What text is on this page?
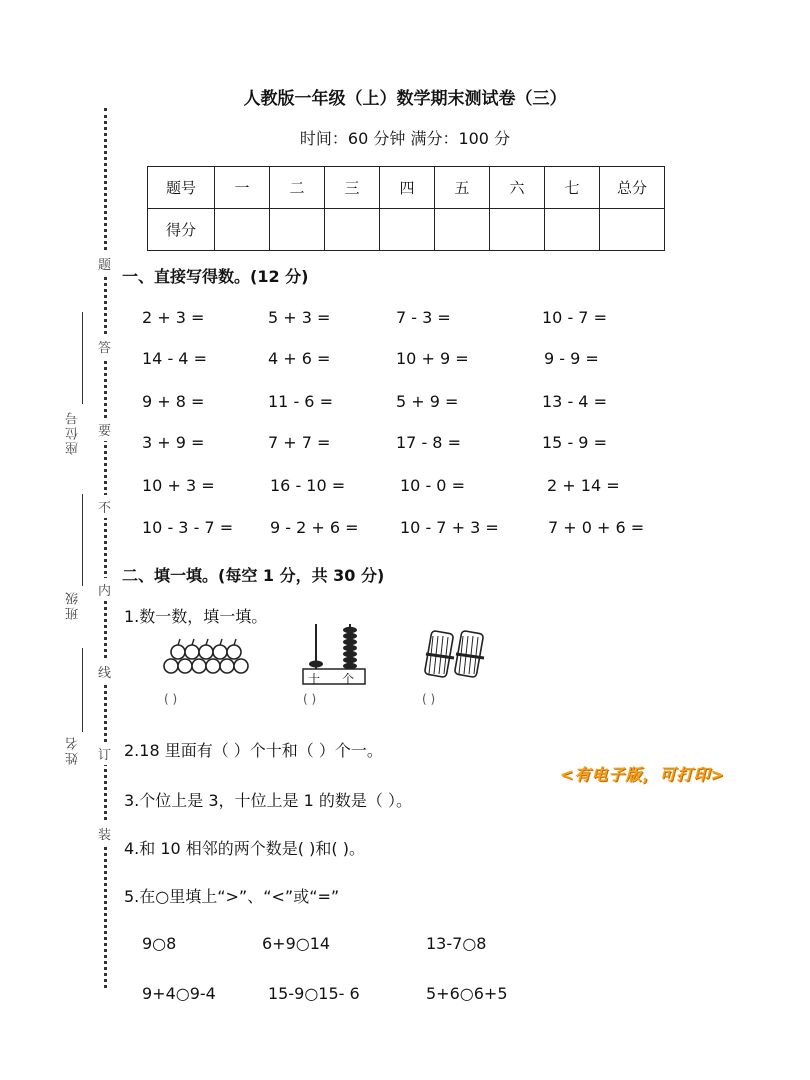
题
答
要
不
内
线
订
装
座位号
班级
姓名
人教版一年级（上）数学期末测试卷（三）
时间：60 分钟 满分：100 分
题号	一	二	三	四	五	六	七	总分
得分								
一、直接写得数。(12 分)
2 + 3 =	5 + 3 =	7 - 3 =	10 - 7 =
14 - 4 =	4 + 6 =	10 + 9 =	9 - 9 =
9 + 8 =	11 - 6 =	5 + 9 =	13 - 4 =
3 + 9 =	7 + 7 =	17 - 8 =	15 - 9 =
10 + 3 =	16 - 10 =	10 - 0 =	2 + 14 =
10 - 3 - 7 = 9 - 2 + 6 =	10 - 7 + 3 =	7 + 0 + 6 =
二、填一填。(每空 1 分，共 30 分)
1.数一数，填一填。
十 个
( )	( )	( )
2.18 里面有（ ）个十和（ ）个一。
<有电子版，可打印>
3.个位上是 3，十位上是 1 的数是（ ）。
4.和 10 相邻的两个数是( )和( )。
5.在○里填上“>”、“<”或“=”
9○8	6+9○14	13-7○8
9+4○9-4	15-9○15- 6	5+6○6+5
